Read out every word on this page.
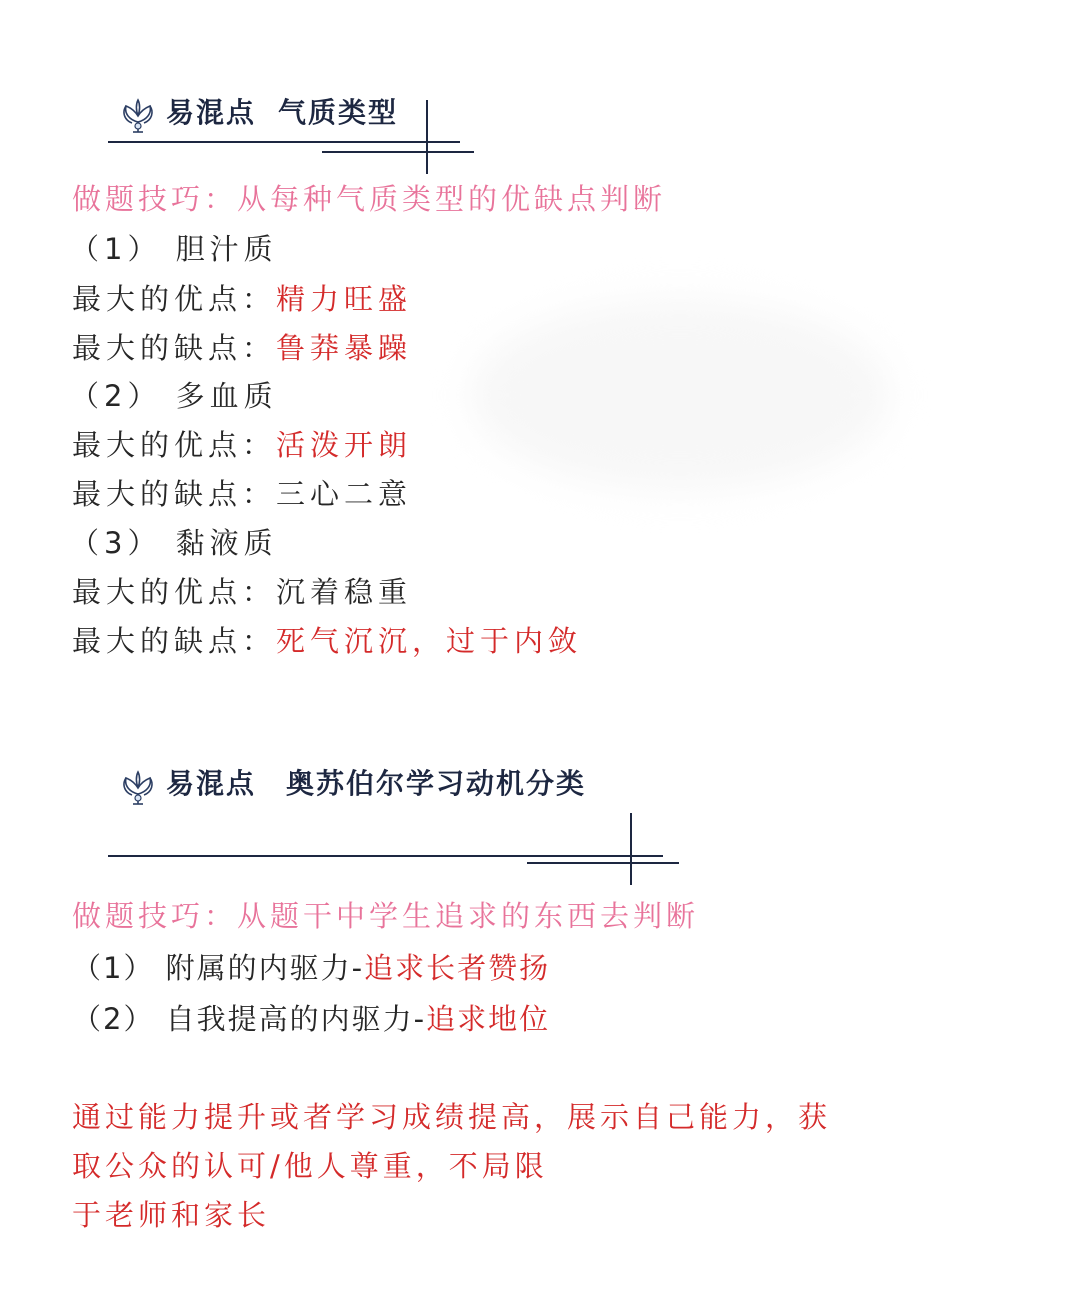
易混点 气质类型
做题技巧：从每种气质类型的优缺点判断
（1） 胆汁质
最大的优点：精力旺盛
最大的缺点：鲁莽暴躁
（2） 多血质
最大的优点：活泼开朗
最大的缺点：三心二意
（3） 黏液质
最大的优点：沉着稳重
最大的缺点：死气沉沉，过于内敛
易混点 奥苏伯尔学习动机分类
做题技巧：从题干中学生追求的东西去判断
（1） 附属的内驱力-追求长者赞扬
（2） 自我提高的内驱力-追求地位
通过能力提升或者学习成绩提高，展示自己能力，获
取公众的认可/他人尊重，不局限
于老师和家长
